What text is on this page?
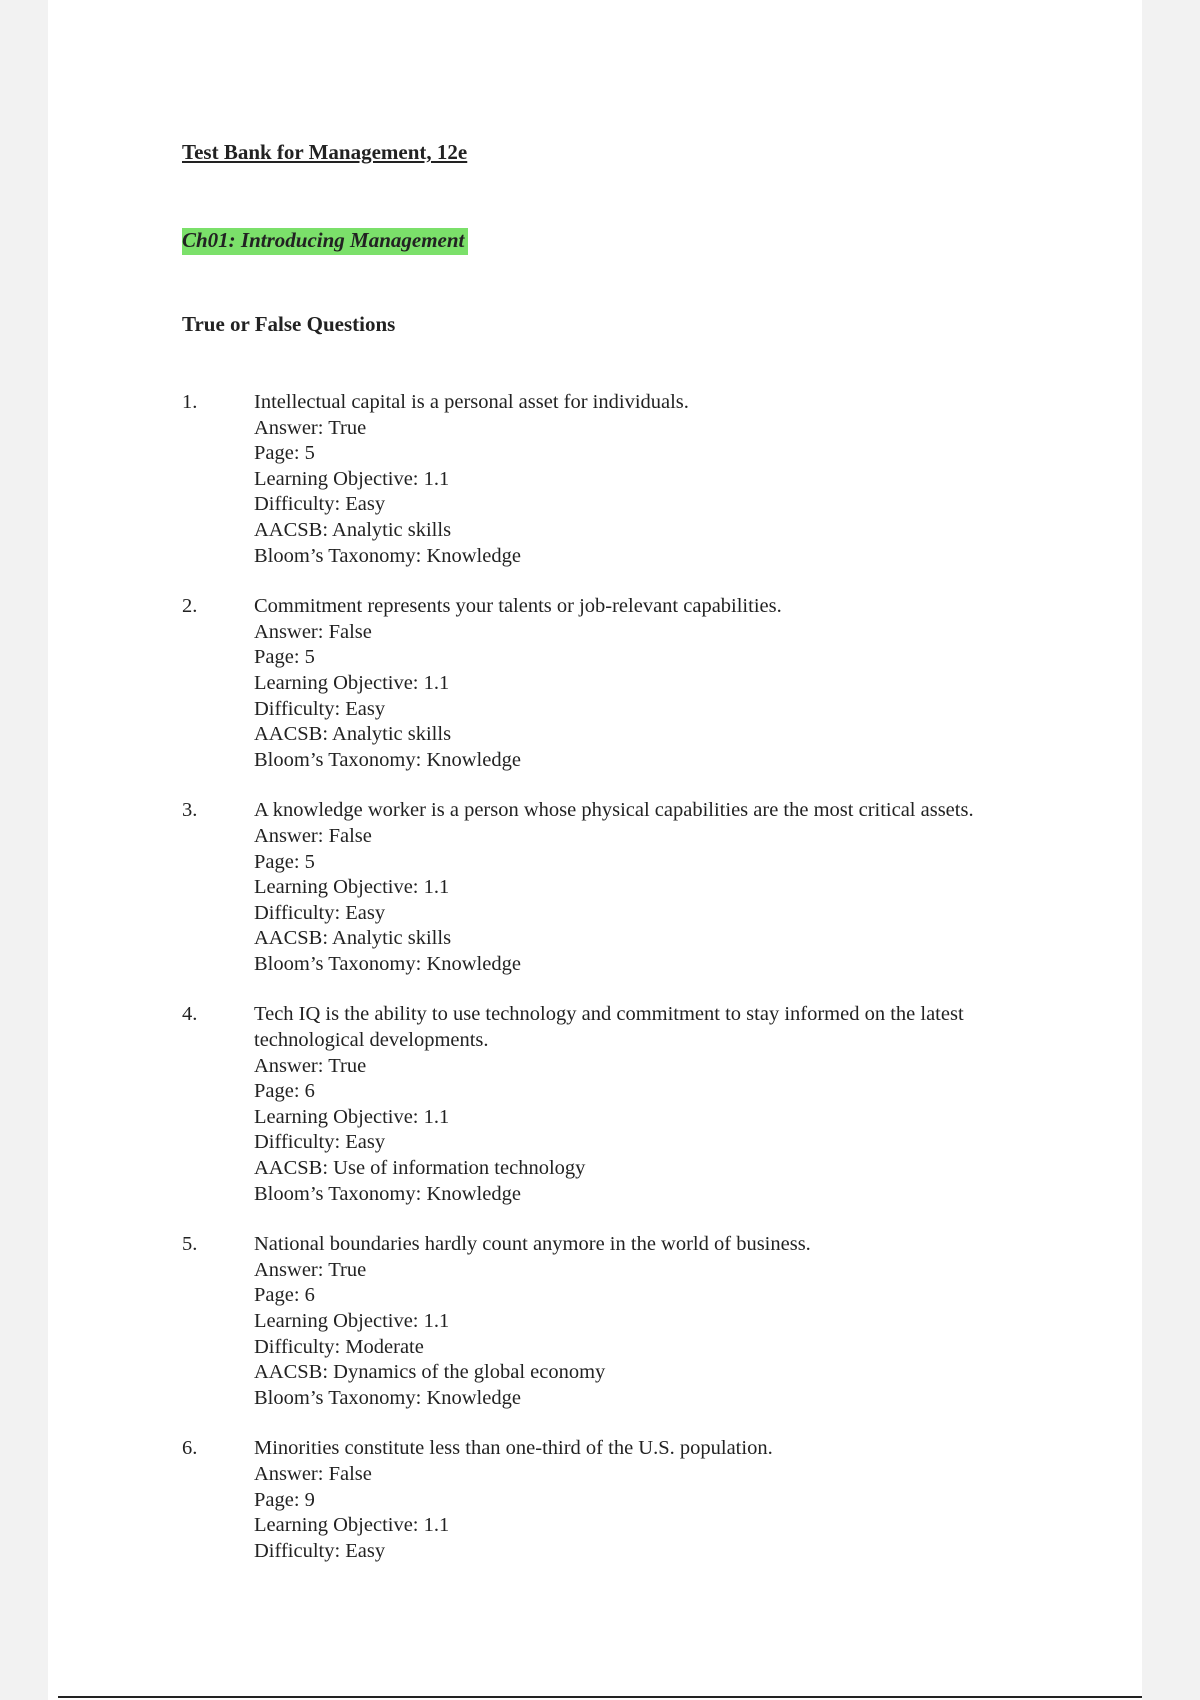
Test Bank for Management, 12e
Ch01: Introducing Management
True or False Questions
1.	Intellectual capital is a personal asset for individuals.
Answer: True
Page: 5
Learning Objective: 1.1
Difficulty: Easy
AACSB: Analytic skills
Bloom’s Taxonomy: Knowledge
2.	Commitment represents your talents or job-relevant capabilities.
Answer: False
Page: 5
Learning Objective: 1.1
Difficulty: Easy
AACSB: Analytic skills
Bloom’s Taxonomy: Knowledge
3.	A knowledge worker is a person whose physical capabilities are the most critical assets.
Answer: False
Page: 5
Learning Objective: 1.1
Difficulty: Easy
AACSB: Analytic skills
Bloom’s Taxonomy: Knowledge
4.	Tech IQ is the ability to use technology and commitment to stay informed on the latest technological developments.
Answer: True
Page: 6
Learning Objective: 1.1
Difficulty: Easy
AACSB: Use of information technology
Bloom’s Taxonomy: Knowledge
5.	National boundaries hardly count anymore in the world of business.
Answer: True
Page: 6
Learning Objective: 1.1
Difficulty: Moderate
AACSB: Dynamics of the global economy
Bloom’s Taxonomy: Knowledge
6.	Minorities constitute less than one-third of the U.S. population.
Answer: False
Page: 9
Learning Objective: 1.1
Difficulty: Easy
